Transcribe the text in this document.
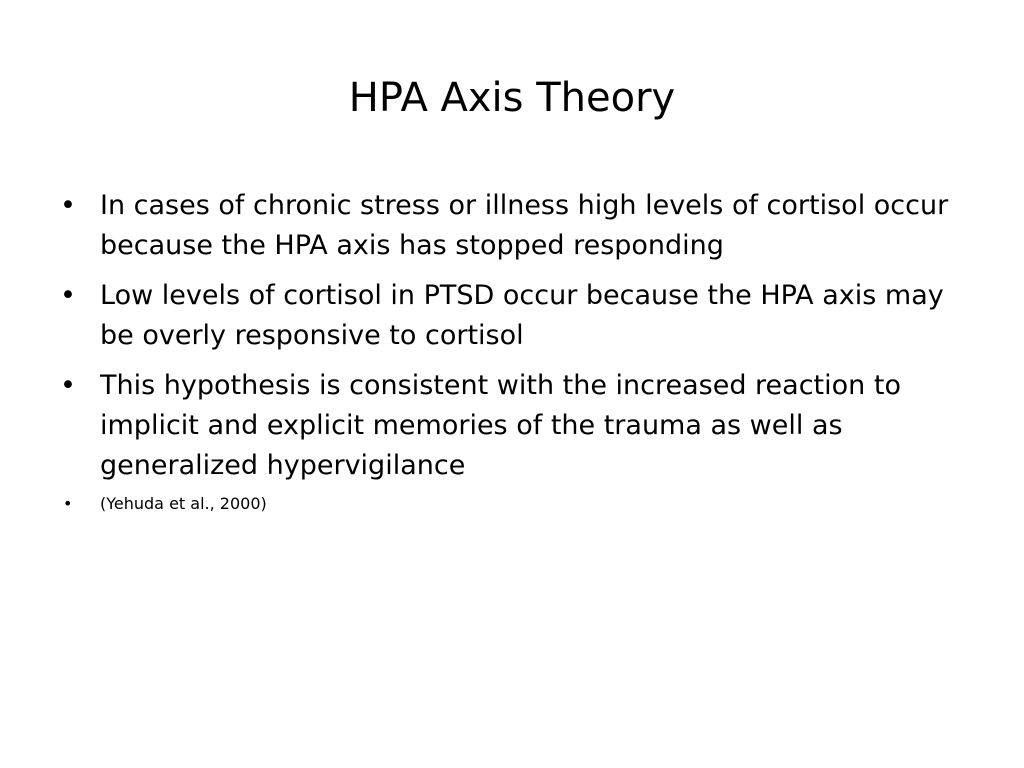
HPA Axis Theory
• In cases of chronic stress or illness high levels of cortisol occur because the HPA axis has stopped responding
• Low levels of cortisol in PTSD occur because the HPA axis may be overly responsive to cortisol
• This hypothesis is consistent with the increased reaction to implicit and explicit memories of the trauma as well as generalized hypervigilance
•	(Yehuda et al., 2000)
